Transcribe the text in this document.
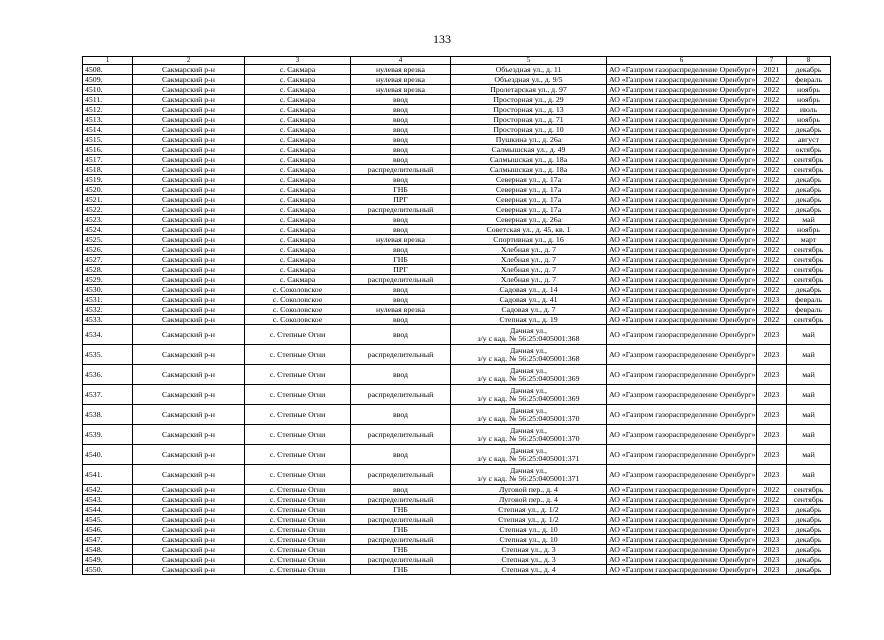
133
1	2	3	4	5	6	7	8
4508.	Сакмарский р-н	с. Сакмара	нулевая врезка	Объездная ул., д. 11	АО «Газпром газораспределение Оренбург»	2021	декабрь
4509.	Сакмарский р-н	с. Сакмара	нулевая врезка	Объездная ул., д. 9/5	АО «Газпром газораспределение Оренбург»	2022	февраль
4510.	Сакмарский р-н	с. Сакмара	нулевая врезка	Пролетарская ул., д. 97	АО «Газпром газораспределение Оренбург»	2022	ноябрь
4511.	Сакмарский р-н	с. Сакмара	ввод	Просторная ул., д. 29	АО «Газпром газораспределение Оренбург»	2022	ноябрь
4512.	Сакмарский р-н	с. Сакмара	ввод	Просторная ул., д. 13	АО «Газпром газораспределение Оренбург»	2022	июль
4513.	Сакмарский р-н	с. Сакмара	ввод	Просторная ул., д. 71	АО «Газпром газораспределение Оренбург»	2022	ноябрь
4514.	Сакмарский р-н	с. Сакмара	ввод	Просторная ул., д. 10	АО «Газпром газораспределение Оренбург»	2022	декабрь
4515.	Сакмарский р-н	с. Сакмара	ввод	Пушкина ул., д. 26а	АО «Газпром газораспределение Оренбург»	2022	август
4516.	Сакмарский р-н	с. Сакмара	ввод	Салмышская ул., д. 49	АО «Газпром газораспределение Оренбург»	2022	октябрь
4517.	Сакмарский р-н	с. Сакмара	ввод	Салмышская ул., д. 18а	АО «Газпром газораспределение Оренбург»	2022	сентябрь
4518.	Сакмарский р-н	с. Сакмара	распределительный	Салмышская ул., д. 18а	АО «Газпром газораспределение Оренбург»	2022	сентябрь
4519.	Сакмарский р-н	с. Сакмара	ввод	Северная ул., д. 17а	АО «Газпром газораспределение Оренбург»	2022	декабрь
4520.	Сакмарский р-н	с. Сакмара	ГНБ	Северная ул., д. 17а	АО «Газпром газораспределение Оренбург»	2022	декабрь
4521.	Сакмарский р-н	с. Сакмара	ПРГ	Северная ул., д. 17а	АО «Газпром газораспределение Оренбург»	2022	декабрь
4522.	Сакмарский р-н	с. Сакмара	распределительный	Северная ул., д. 17а	АО «Газпром газораспределение Оренбург»	2022	декабрь
4523.	Сакмарский р-н	с. Сакмара	ввод	Северная ул., д. 26а	АО «Газпром газораспределение Оренбург»	2022	май
4524.	Сакмарский р-н	с. Сакмара	ввод	Советская ул., д. 45, кв. 1	АО «Газпром газораспределение Оренбург»	2022	ноябрь
4525.	Сакмарский р-н	с. Сакмара	нулевая врезка	Спортивная ул., д. 16	АО «Газпром газораспределение Оренбург»	2022	март
4526.	Сакмарский р-н	с. Сакмара	ввод	Хлебная ул., д. 7	АО «Газпром газораспределение Оренбург»	2022	сентябрь
4527.	Сакмарский р-н	с. Сакмара	ГНБ	Хлебная ул., д. 7	АО «Газпром газораспределение Оренбург»	2022	сентябрь
4528.	Сакмарский р-н	с. Сакмара	ПРГ	Хлебная ул., д. 7	АО «Газпром газораспределение Оренбург»	2022	сентябрь
4529.	Сакмарский р-н	с. Сакмара	распределительный	Хлебная ул., д. 7	АО «Газпром газораспределение Оренбург»	2022	сентябрь
4530.	Сакмарский р-н	с. Соколовское	ввод	Садовая ул., д. 14	АО «Газпром газораспределение Оренбург»	2022	декабрь
4531.	Сакмарский р-н	с. Соколовское	ввод	Садовая ул., д. 41	АО «Газпром газораспределение Оренбург»	2023	февраль
4532.	Сакмарский р-н	с. Соколовское	нулевая врезка	Садовая ул., д. 7	АО «Газпром газораспределение Оренбург»	2022	февраль
4533.	Сакмарский р-н	с. Соколовское	ввод	Степная ул., д. 19	АО «Газпром газораспределение Оренбург»	2022	сентябрь
4534.	Сакмарский р-н	с. Степные Огни	ввод	Дачная ул.,
з/у с кад. № 56:25:0405001:368	АО «Газпром газораспределение Оренбург»	2023	май
4535.	Сакмарский р-н	с. Степные Огни	распределительный	Дачная ул.,
з/у с кад. № 56:25:0405001:368	АО «Газпром газораспределение Оренбург»	2023	май
4536.	Сакмарский р-н	с. Степные Огни	ввод	Дачная ул.,
з/у с кад. № 56:25:0405001:369	АО «Газпром газораспределение Оренбург»	2023	май
4537.	Сакмарский р-н	с. Степные Огни	распределительный	Дачная ул.,
з/у с кад. № 56:25:0405001:369	АО «Газпром газораспределение Оренбург»	2023	май
4538.	Сакмарский р-н	с. Степные Огни	ввод	Дачная ул.,
з/у с кад. № 56:25:0405001:370	АО «Газпром газораспределение Оренбург»	2023	май
4539.	Сакмарский р-н	с. Степные Огни	распределительный	Дачная ул.,
з/у с кад. № 56:25:0405001:370	АО «Газпром газораспределение Оренбург»	2023	май
4540.	Сакмарский р-н	с. Степные Огни	ввод	Дачная ул.,
з/у с кад. № 56:25:0405001:371	АО «Газпром газораспределение Оренбург»	2023	май
4541.	Сакмарский р-н	с. Степные Огни	распределительный	Дачная ул.,
з/у с кад. № 56:25:0405001:371	АО «Газпром газораспределение Оренбург»	2023	май
4542.	Сакмарский р-н	с. Степные Огни	ввод	Луговой пер., д. 4	АО «Газпром газораспределение Оренбург»	2022	сентябрь
4543.	Сакмарский р-н	с. Степные Огни	распределительный	Луговой пер., д. 4	АО «Газпром газораспределение Оренбург»	2022	сентябрь
4544.	Сакмарский р-н	с. Степные Огни	ГНБ	Степная ул., д. 1/2	АО «Газпром газораспределение Оренбург»	2023	декабрь
4545.	Сакмарский р-н	с. Степные Огни	распределительный	Степная ул., д. 1/2	АО «Газпром газораспределение Оренбург»	2023	декабрь
4546.	Сакмарский р-н	с. Степные Огни	ГНБ	Степная ул., д. 10	АО «Газпром газораспределение Оренбург»	2023	декабрь
4547.	Сакмарский р-н	с. Степные Огни	распределительный	Степная ул., д. 10	АО «Газпром газораспределение Оренбург»	2023	декабрь
4548.	Сакмарский р-н	с. Степные Огни	ГНБ	Степная ул., д. 3	АО «Газпром газораспределение Оренбург»	2023	декабрь
4549.	Сакмарский р-н	с. Степные Огни	распределительный	Степная ул., д. 3	АО «Газпром газораспределение Оренбург»	2023	декабрь
4550.	Сакмарский р-н	с. Степные Огни	ГНБ	Степная ул., д. 4	АО «Газпром газораспределение Оренбург»	2023	декабрь
